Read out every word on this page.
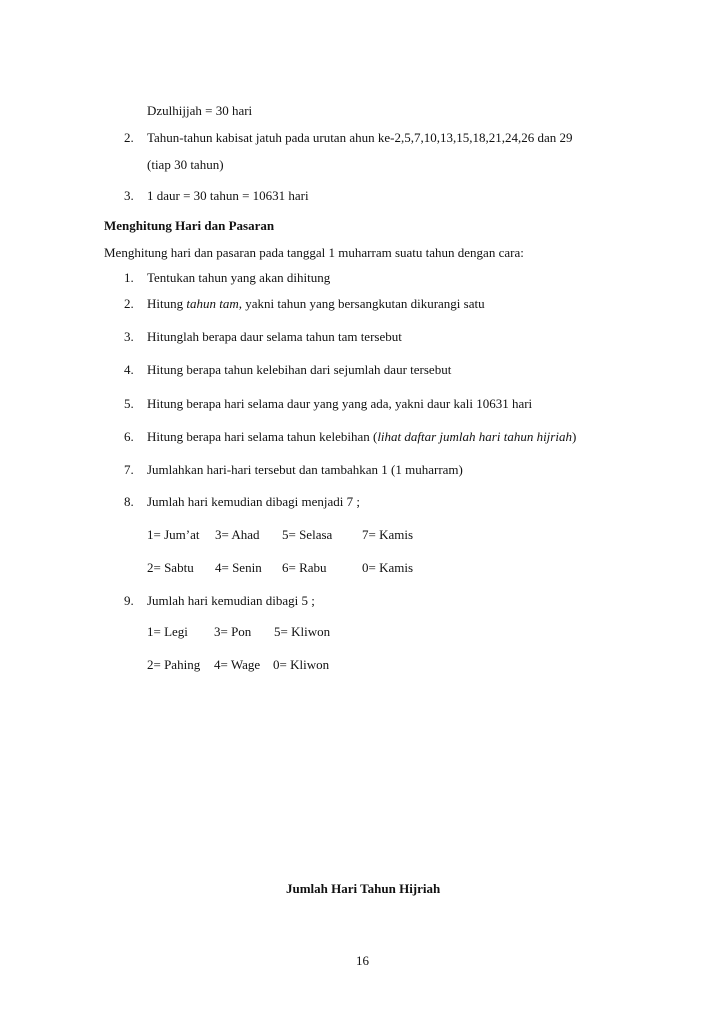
Dzulhijjah = 30 hari
2. Tahun-tahun kabisat jatuh pada urutan ahun ke-2,5,7,10,13,15,18,21,24,26 dan 29
(tiap 30 tahun)
3. 1 daur = 30 tahun = 10631 hari
Menghitung Hari dan Pasaran
Menghitung hari dan pasaran pada tanggal 1 muharram suatu tahun dengan cara:
1. Tentukan tahun yang akan dihitung
2. Hitung tahun tam, yakni tahun yang bersangkutan dikurangi satu
3. Hitunglah berapa daur selama tahun tam tersebut
4. Hitung berapa tahun kelebihan dari sejumlah daur tersebut
5. Hitung berapa hari selama daur yang yang ada, yakni daur kali 10631 hari
6. Hitung berapa hari selama tahun kelebihan (lihat daftar jumlah hari tahun hijriah)
7. Jumlahkan hari-hari tersebut dan tambahkan 1 (1 muharram)
8. Jumlah hari kemudian dibagi menjadi 7 ;
1= Jum’at 3= Ahad 5= Selasa 7= Kamis
2= Sabtu 4= Senin 6= Rabu	0= Kamis
9. Jumlah hari kemudian dibagi 5 ;
1= Legi 3= Pon 5= Kliwon
2= Pahing 4= Wage 0= Kliwon
Jumlah Hari Tahun Hijriah
16
